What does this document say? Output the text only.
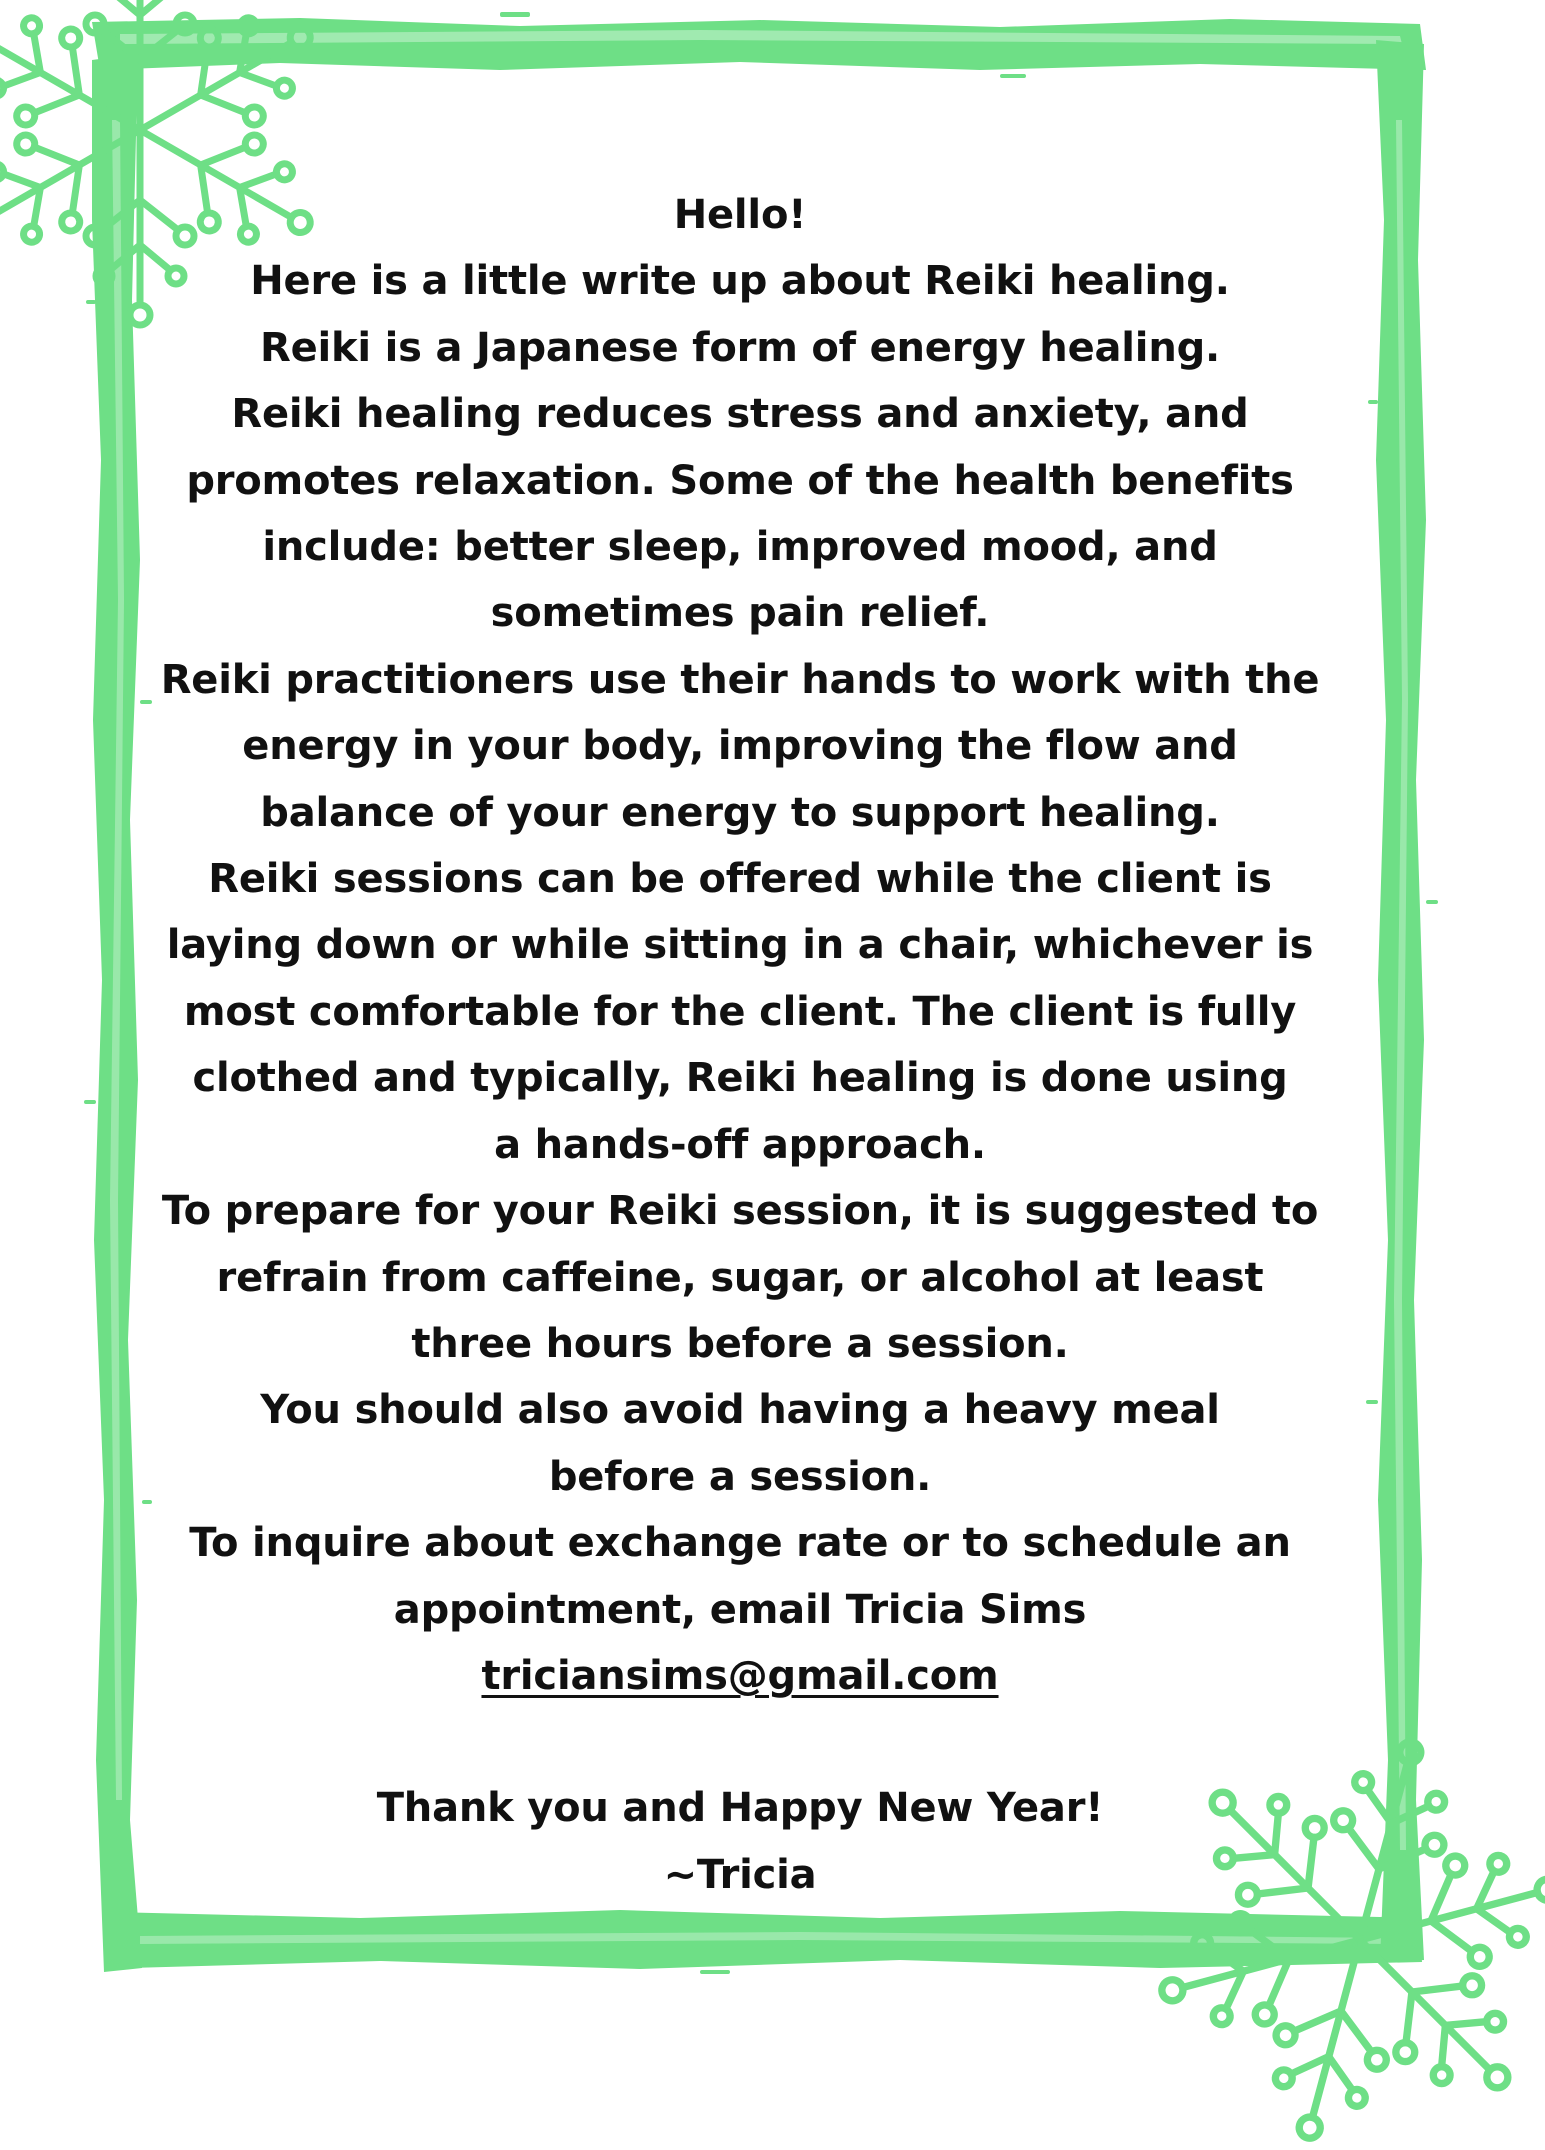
Hello!

Here is a little write up about Reiki healing.

Reiki is a Japanese form of energy healing.

Reiki healing reduces stress and anxiety, and

promotes relaxation. Some of the health benefits

include: better sleep, improved mood, and

sometimes pain relief.

Reiki practitioners use their hands to work with the

energy in your body, improving the flow and

balance of your energy to support healing.

Reiki sessions can be offered while the client is

laying down or while sitting in a chair, whichever is

most comfortable for the client. The client is fully

clothed and typically, Reiki healing is done using

a hands-off approach.

To prepare for your Reiki session, it is suggested to

refrain from caffeine, sugar, or alcohol at least

three hours before a session.

You should also avoid having a heavy meal

before a session.

To inquire about exchange rate or to schedule an

appointment, email Tricia Sims

triciansims@gmail.com

Thank you and Happy New Year!

~Tricia
